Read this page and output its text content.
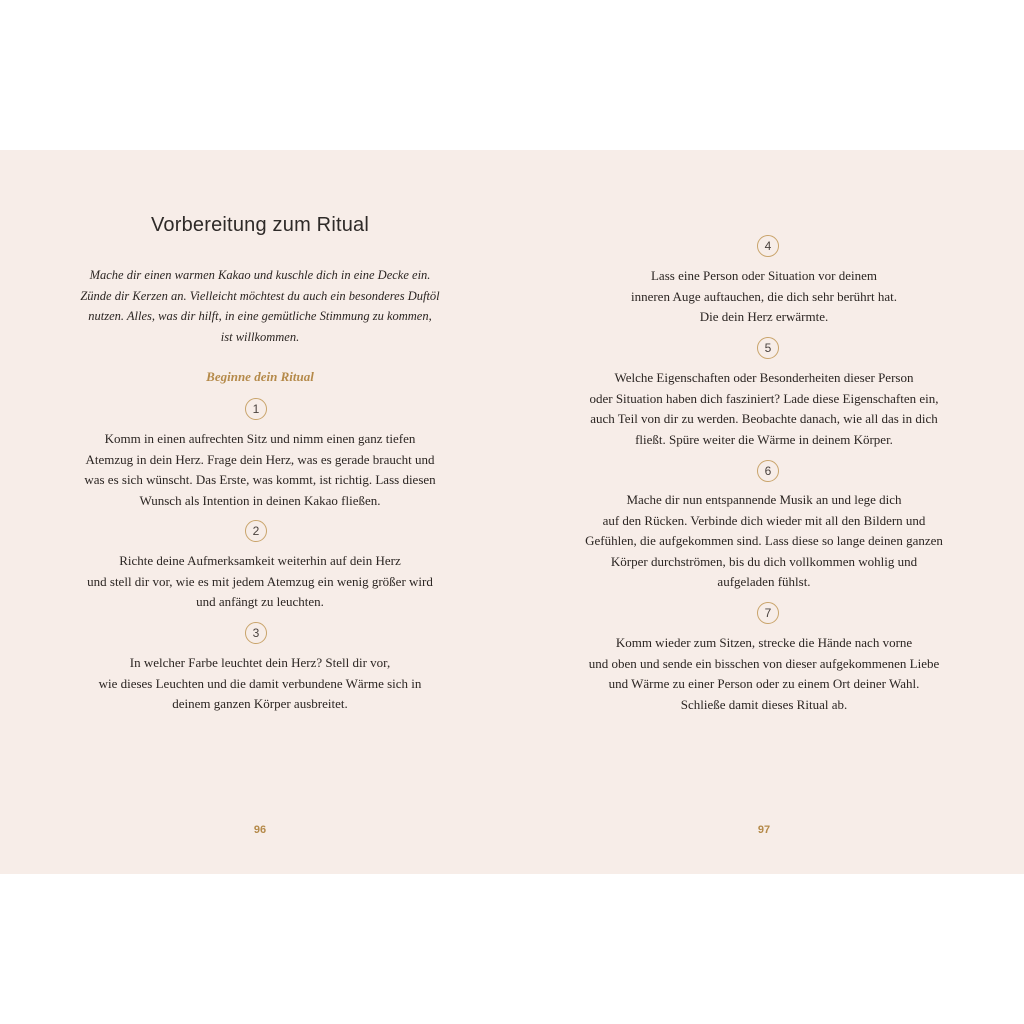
Vorbereitung zum Ritual
Mache dir einen warmen Kakao und kuschle dich in eine Decke ein.
Zünde dir Kerzen an. Vielleicht möchtest du auch ein besonderes Duftöl
nutzen. Alles, was dir hilft, in eine gemütliche Stimmung zu kommen,
ist willkommen.
Beginne dein Ritual
1
Komm in einen aufrechten Sitz und nimm einen ganz tiefen
Atemzug in dein Herz. Frage dein Herz, was es gerade braucht und
was es sich wünscht. Das Erste, was kommt, ist richtig. Lass diesen
Wunsch als Intention in deinen Kakao fließen.
2
Richte deine Aufmerksamkeit weiterhin auf dein Herz
und stell dir vor, wie es mit jedem Atemzug ein wenig größer wird
und anfängt zu leuchten.
3
In welcher Farbe leuchtet dein Herz? Stell dir vor,
wie dieses Leuchten und die damit verbundene Wärme sich in
deinem ganzen Körper ausbreitet.
96
4
Lass eine Person oder Situation vor deinem
inneren Auge auftauchen, die dich sehr berührt hat.
Die dein Herz erwärmte.
5
Welche Eigenschaften oder Besonderheiten dieser Person
oder Situation haben dich fasziniert? Lade diese Eigenschaften ein,
auch Teil von dir zu werden. Beobachte danach, wie all das in dich
fließt. Spüre weiter die Wärme in deinem Körper.
6
Mache dir nun entspannende Musik an und lege dich
auf den Rücken. Verbinde dich wieder mit all den Bildern und
Gefühlen, die aufgekommen sind. Lass diese so lange deinen ganzen
Körper durchströmen, bis du dich vollkommen wohlig und
aufgeladen fühlst.
7
Komm wieder zum Sitzen, strecke die Hände nach vorne
und oben und sende ein bisschen von dieser aufgekommenen Liebe
und Wärme zu einer Person oder zu einem Ort deiner Wahl.
Schließe damit dieses Ritual ab.
97
